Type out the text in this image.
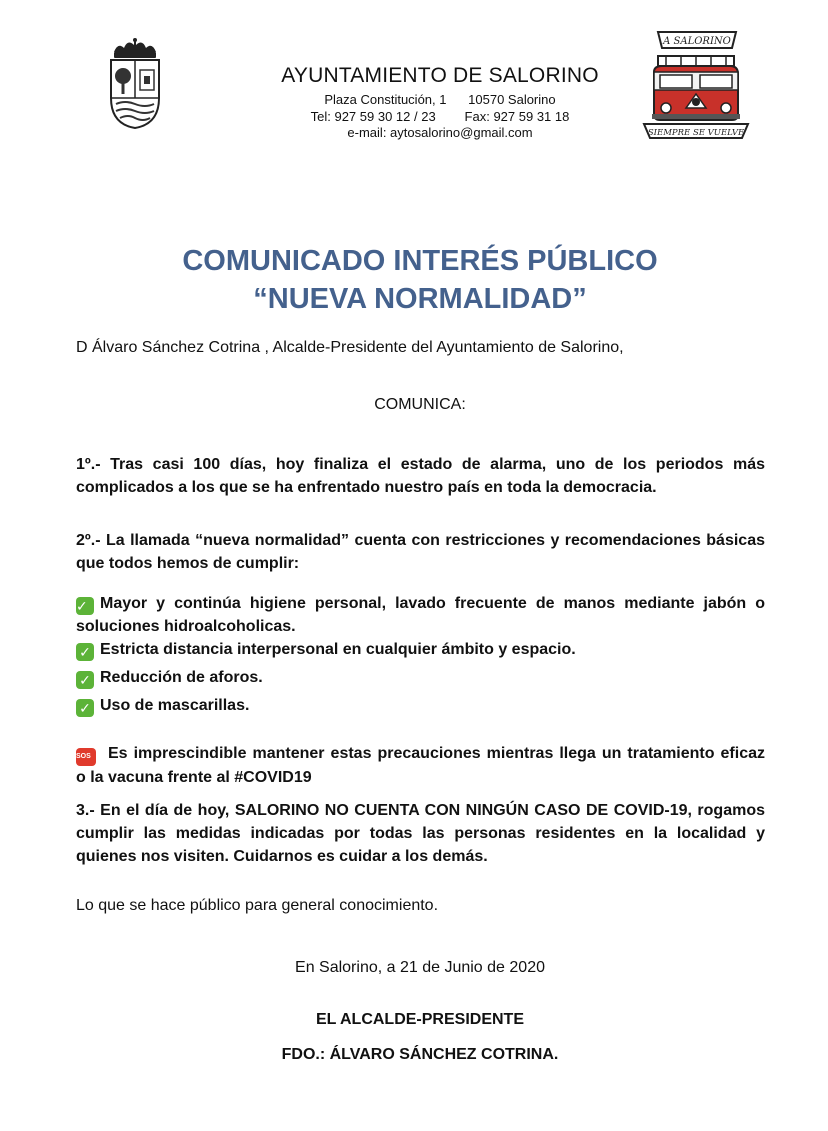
AYUNTAMIENTO DE SALORINO
Plaza Constitución, 1      10570 Salorino
Tel: 927 59 30 12 / 23        Fax: 927 59 31 18
e-mail: aytosalorino@gmail.com
A SALORINO
SIEMPRE SE VUELVE
COMUNICADO INTERÉS PÚBLICO
“NUEVA NORMALIDAD”
D Álvaro Sánchez Cotrina , Alcalde-Presidente del Ayuntamiento de Salorino,
COMUNICA:
1º.- Tras casi 100 días, hoy finaliza el estado de alarma, uno de los periodos más complicados a los que se ha enfrentado nuestro país en toda la democracia.
2º.- La llamada “nueva normalidad” cuenta con restricciones y recomendaciones básicas que todos hemos de cumplir:
✓ Mayor y continúa higiene personal, lavado frecuente de manos mediante jabón o soluciones hidroalcoholicas.
✓ Estricta distancia interpersonal en cualquier ámbito y espacio.
✓ Reducción de aforos.
✓ Uso de mascarillas.
SOS Es imprescindible mantener estas precauciones mientras llega un tratamiento eficaz o la vacuna frente al #COVID19
3.- En el día de hoy, SALORINO NO CUENTA CON NINGÚN CASO DE COVID-19, rogamos cumplir las medidas indicadas por todas las personas residentes en la localidad y quienes nos visiten. Cuidarnos es cuidar a los demás.
Lo que se hace público para general conocimiento.
En Salorino, a 21 de Junio de 2020
EL ALCALDE-PRESIDENTE
FDO.: ÁLVARO SÁNCHEZ COTRINA.
